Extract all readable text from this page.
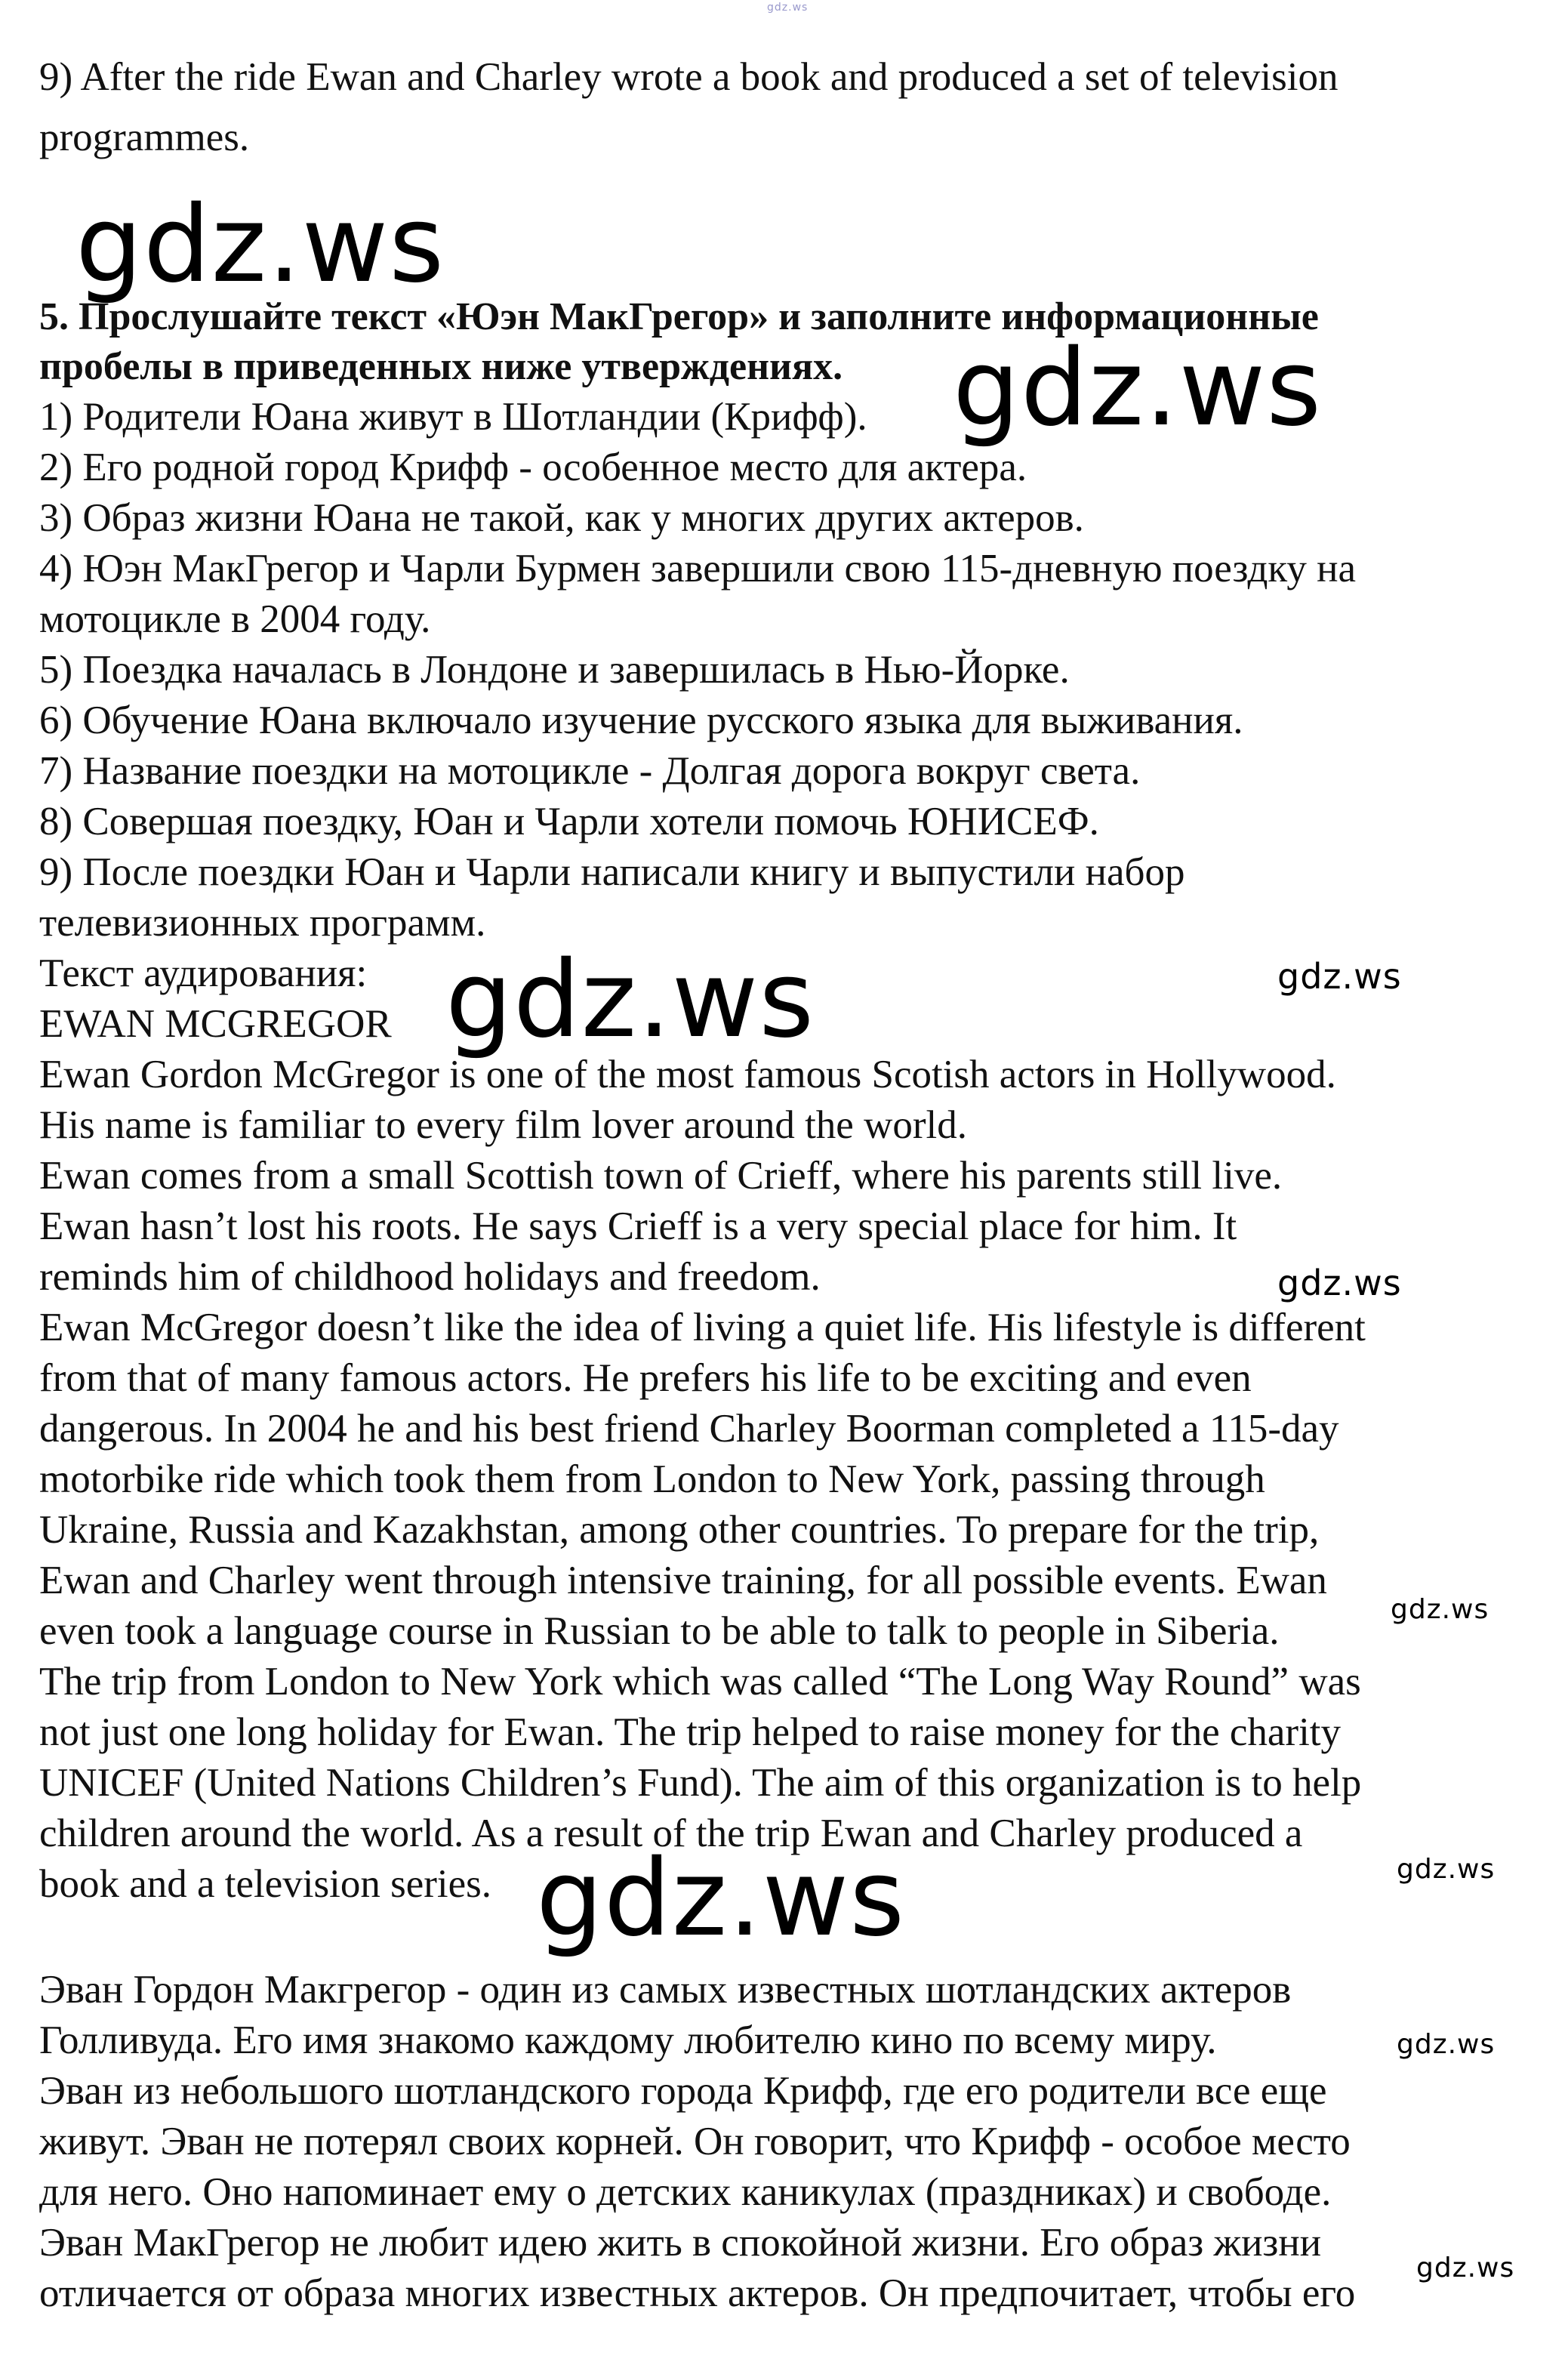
gdz.ws
9) After the ride Ewan and Charley wrote a book and produced a set of television
programmes.
5. Прослушайте текст «Юэн МакГрегор» и заполните информационные
пробелы в приведенных ниже утверждениях.
1) Родители Юана живут в Шотландии (Крифф).
2) Его родной город Крифф - особенное место для актера.
3) Образ жизни Юана не такой, как у многих других актеров.
4) Юэн МакГрегор и Чарли Бурмен завершили свою 115-дневную поездку на
мотоцикле в 2004 году.
5) Поездка началась в Лондоне и завершилась в Нью-Йорке.
6) Обучение Юана включало изучение русского языка для выживания.
7) Название поездки на мотоцикле - Долгая дорога вокруг света.
8) Совершая поездку, Юан и Чарли хотели помочь ЮНИСЕФ.
9) После поездки Юан и Чарли написали книгу и выпустили набор
телевизионных программ.
Текст аудирования:
EWAN MCGREGOR
Ewan Gordon McGregor is one of the most famous Scotish actors in Hollywood.
His name is familiar to every film lover around the world.
Ewan comes from a small Scottish town of Crieff, where his parents still live.
Ewan hasn’t lost his roots. He says Crieff is a very special place for him. It
reminds him of childhood holidays and freedom.
Ewan McGregor doesn’t like the idea of living a quiet life. His lifestyle is different
from that of many famous actors. He prefers his life to be exciting and even
dangerous. In 2004 he and his best friend Charley Boorman completed a 115-day
motorbike ride which took them from London to New York, passing through
Ukraine, Russia and Kazakhstan, among other countries. To prepare for the trip,
Ewan and Charley went through intensive training, for all possible events. Ewan
even took a language course in Russian to be able to talk to people in Siberia.
The trip from London to New York which was called “The Long Way Round” was
not just one long holiday for Ewan. The trip helped to raise money for the charity
UNICEF (United Nations Children’s Fund). The aim of this organization is to help
children around the world. As a result of the trip Ewan and Charley produced a
book and a television series.
Эван Гордон Макгрегор - один из самых известных шотландских актеров
Голливуда. Его имя знакомо каждому любителю кино по всему миру.
Эван из небольшого шотландского города Крифф, где его родители все еще
живут. Эван не потерял своих корней. Он говорит, что Крифф - особое место
для него. Оно напоминает ему о детских каникулах (праздниках) и свободе.
Эван МакГрегор не любит идею жить в спокойной жизни. Его образ жизни
отличается от образа многих известных актеров. Он предпочитает, чтобы его
gdz.ws
gdz.ws
gdz.ws	gdz.ws
gdz.ws
gdz.ws
gdz.ws	gdz.ws
gdz.ws
gdz.ws
